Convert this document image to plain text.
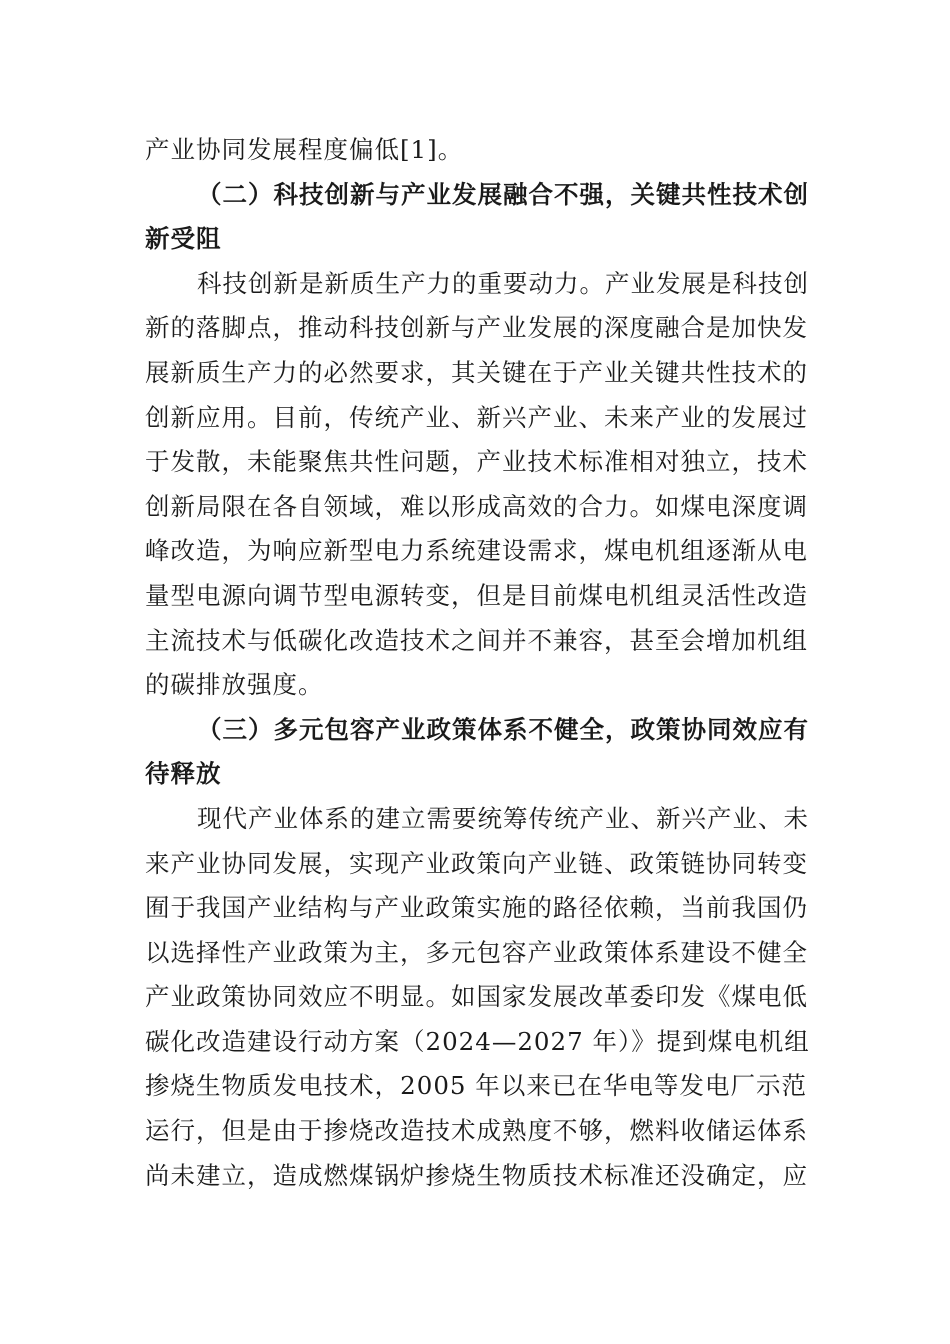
产业协同发展程度偏低[1]。
（二）科技创新与产业发展融合不强，关键共性技术创
新受阻
科技创新是新质生产力的重要动力。产业发展是科技创
新的落脚点，推动科技创新与产业发展的深度融合是加快发
展新质生产力的必然要求，其关键在于产业关键共性技术的
创新应用。目前，传统产业、新兴产业、未来产业的发展过
于发散，未能聚焦共性问题，产业技术标准相对独立，技术
创新局限在各自领域，难以形成高效的合力。如煤电深度调
峰改造，为响应新型电力系统建设需求，煤电机组逐渐从电
量型电源向调节型电源转变，但是目前煤电机组灵活性改造
主流技术与低碳化改造技术之间并不兼容，甚至会增加机组
的碳排放强度。
（三）多元包容产业政策体系不健全，政策协同效应有
待释放
现代产业体系的建立需要统筹传统产业、新兴产业、未
来产业协同发展，实现产业政策向产业链、政策链协同转变
囿于我国产业结构与产业政策实施的路径依赖，当前我国仍
以选择性产业政策为主，多元包容产业政策体系建设不健全
产业政策协同效应不明显。如国家发展改革委印发《煤电低
碳化改造建设行动方案（2024—2027 年）》提到煤电机组
掺烧生物质发电技术，2005 年以来已在华电等发电厂示范
运行，但是由于掺烧改造技术成熟度不够，燃料收储运体系
尚未建立，造成燃煤锅炉掺烧生物质技术标准还没确定，应
